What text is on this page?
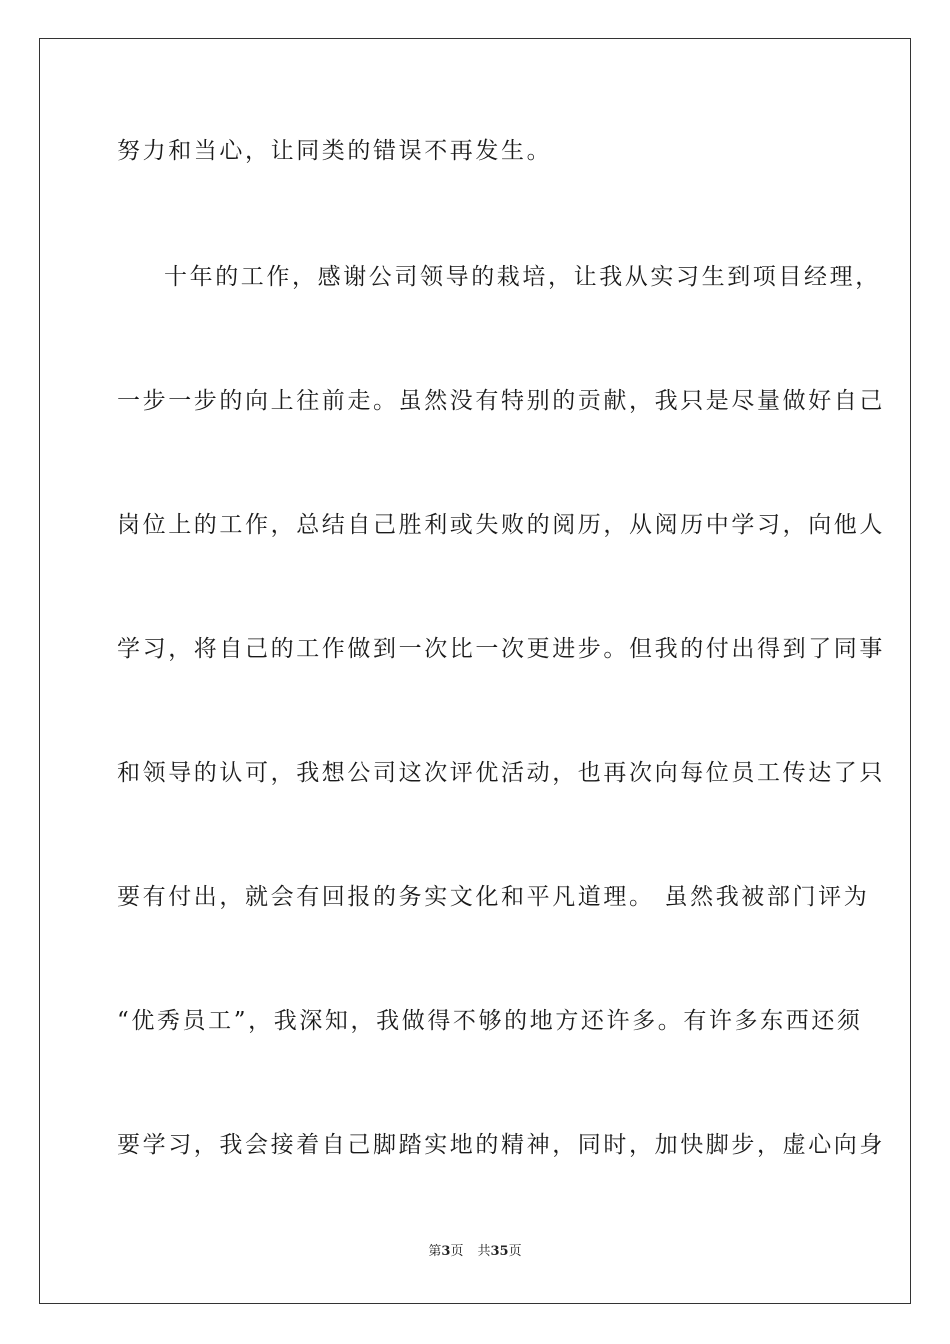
努力和当心，让同类的错误不再发生。
十年的工作，感谢公司领导的栽培，让我从实习生到项目经理，
一步一步的向上往前走。虽然没有特别的贡献，我只是尽量做好自己
岗位上的工作，总结自己胜利或失败的阅历，从阅历中学习，向他人
学习，将自己的工作做到一次比一次更进步。但我的付出得到了同事
和领导的认可，我想公司这次评优活动，也再次向每位员工传达了只
要有付出，就会有回报的务实文化和平凡道理。 虽然我被部门评为
“优秀员工”，我深知，我做得不够的地方还许多。有许多东西还须
要学习，我会接着自己脚踏实地的精神，同时，加快脚步，虚心向身
第3页 共35页
